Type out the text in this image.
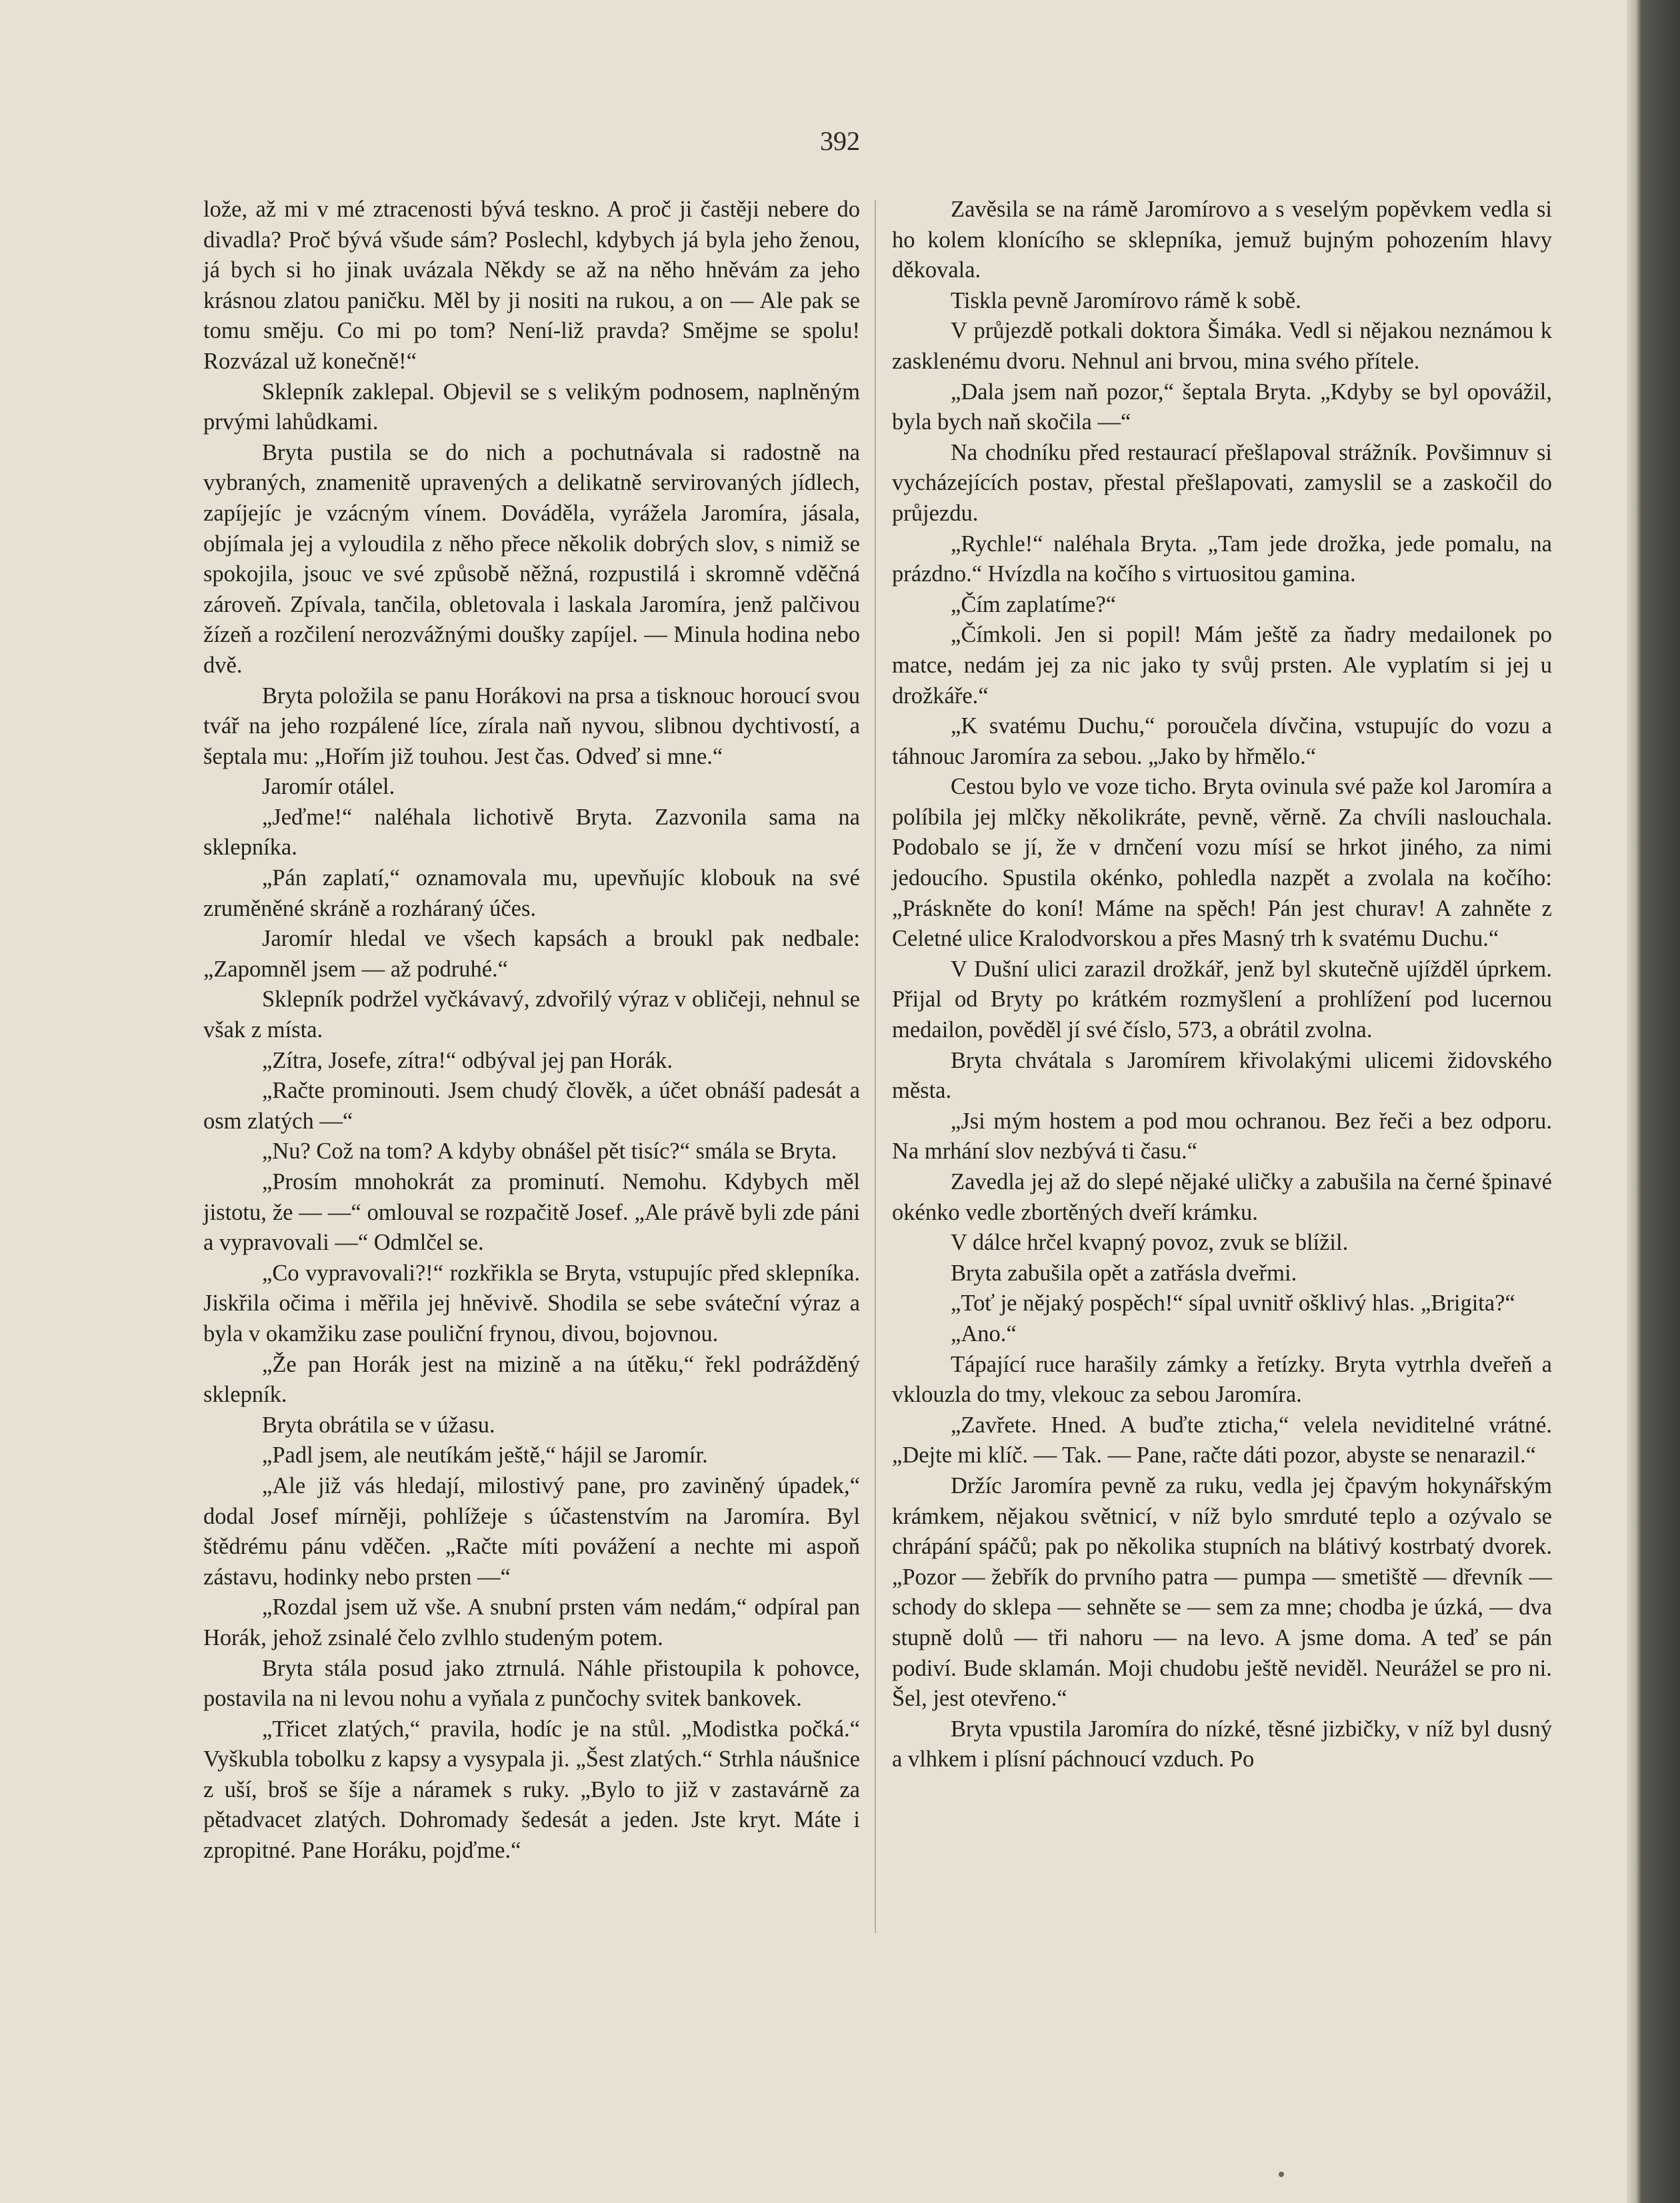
392

lože, až mi v mé ztracenosti bývá teskno. A proč ji častěji nebere do divadla? Proč bývá všude sám? Poslechl, kdybych já byla jeho ženou, já bych si ho jinak uvázala Někdy se až na něho hněvám za jeho krásnou zlatou paničku. Měl by ji nositi na rukou, a on — Ale pak se tomu směju. Co mi po tom? Není-liž pravda? Smějme se spolu! Rozvázal už konečně!“

Sklepník zaklepal. Objevil se s velikým podnosem, naplněným prvými lahůdkami.

Bryta pustila se do nich a pochutnávala si radostně na vybraných, znamenitě upravených a delikatně servirovaných jídlech, zapíjejíc je vzácným vínem. Dováděla, vyrážela Jaromíra, jásala, objímala jej a vyloudila z něho přece několik dobrých slov, s nimiž se spokojila, jsouc ve své způsobě něžná, rozpustilá i skromně vděčná zároveň. Zpívala, tančila, obletovala i laskala Jaromíra, jenž palčivou žízeň a rozčilení nerozvážnými doušky zapíjel. — Minula hodina nebo dvě.

Bryta položila se panu Horákovi na prsa a tisknouc horoucí svou tvář na jeho rozpálené líce, zírala naň nyvou, slibnou dychtivostí, a šeptala mu: „Hořím již touhou. Jest čas. Odveď si mne.“

Jaromír otálel.

„Jeďme!“ naléhala lichotivě Bryta. Zazvonila sama na sklepníka.

„Pán zaplatí,“ oznamovala mu, upevňujíc klobouk na své zruměněné skráně a rozháraný účes.

Jaromír hledal ve všech kapsách a broukl pak nedbale: „Zapomněl jsem — až podruhé.“

Sklepník podržel vyčkávavý, zdvořilý výraz v obličeji, nehnul se však z místa.

„Zítra, Josefe, zítra!“ odbýval jej pan Horák.

„Račte prominouti. Jsem chudý člověk, a účet obnáší padesát a osm zlatých —“

„Nu? Což na tom? A kdyby obnášel pět tisíc?“ smála se Bryta.

„Prosím mnohokrát za prominutí. Nemohu. Kdybych měl jistotu, že — —“ omlouval se rozpačitě Josef. „Ale právě byli zde páni a vypravovali —“ Odmlčel se.

„Co vypravovali?!“ rozkřikla se Bryta, vstupujíc před sklepníka. Jiskřila očima i měřila jej hněvivě. Shodila se sebe sváteční výraz a byla v okamžiku zase pouliční frynou, divou, bojovnou.

„Že pan Horák jest na mizině a na útěku,“ řekl podrážděný sklepník.

Bryta obrátila se v úžasu.

„Padl jsem, ale neutíkám ještě,“ hájil se Jaromír.

„Ale již vás hledají, milostivý pane, pro zaviněný úpadek,“ dodal Josef mírněji, pohlížeje s účastenstvím na Jaromíra. Byl štědrému pánu vděčen. „Račte míti povážení a nechte mi aspoň zástavu, hodinky nebo prsten —“

„Rozdal jsem už vše. A snubní prsten vám nedám,“ odpíral pan Horák, jehož zsinalé čelo zvlhlo studeným potem.

Bryta stála posud jako ztrnulá. Náhle přistoupila k pohovce, postavila na ni levou nohu a vyňala z punčochy svitek bankovek.

„Třicet zlatých,“ pravila, hodíc je na stůl. „Modistka počká.“ Vyškubla tobolku z kapsy a vysypala ji. „Šest zlatých.“ Strhla náušnice z uší, broš se šíje a náramek s ruky. „Bylo to již v zastavárně za pětadvacet zlatých. Dohromady šedesát a jeden. Jste kryt. Máte i zpropitné. Pane Horáku, pojďme.“

Zavěsila se na rámě Jaromírovo a s veselým popěvkem vedla si ho kolem klonícího se sklepníka, jemuž bujným pohozením hlavy děkovala.

Tiskla pevně Jaromírovo rámě k sobě.

V průjezdě potkali doktora Šimáka. Vedl si nějakou neznámou k zasklenému dvoru. Nehnul ani brvou, mina svého přítele.

„Dala jsem naň pozor,“ šeptala Bryta. „Kdyby se byl opovážil, byla bych naň skočila —“

Na chodníku před restaurací přešlapoval strážník. Povšimnuv si vycházejících postav, přestal přešlapovati, zamyslil se a zaskočil do průjezdu.

„Rychle!“ naléhala Bryta. „Tam jede drožka, jede pomalu, na prázdno.“ Hvízdla na kočího s virtuositou gamina.

„Čím zaplatíme?“

„Čímkoli. Jen si popil! Mám ještě za ňadry medailonek po matce, nedám jej za nic jako ty svůj prsten. Ale vyplatím si jej u drožkáře.“

„K svatému Duchu,“ poroučela dívčina, vstupujíc do vozu a táhnouc Jaromíra za sebou. „Jako by hřmělo.“

Cestou bylo ve voze ticho. Bryta ovinula své paže kol Jaromíra a políbila jej mlčky několikráte, pevně, věrně. Za chvíli naslouchala. Podobalo se jí, že v drnčení vozu mísí se hrkot jiného, za nimi jedoucího. Spustila okénko, pohledla nazpět a zvolala na kočího: „Práskněte do koní! Máme na spěch! Pán jest churav! A zahněte z Celetné ulice Kralodvorskou a přes Masný trh k svatému Duchu.“

V Dušní ulici zarazil drožkář, jenž byl skutečně ujížděl úprkem. Přijal od Bryty po krátkém rozmyšlení a prohlížení pod lucernou medailon, pověděl jí své číslo, 573, a obrátil zvolna.

Bryta chvátala s Jaromírem křivolakými ulicemi židovského města.

„Jsi mým hostem a pod mou ochranou. Bez řeči a bez odporu. Na mrhání slov nezbývá ti času.“

Zavedla jej až do slepé nějaké uličky a zabušila na černé špinavé okénko vedle zbortěných dveří krámku.

V dálce hrčel kvapný povoz, zvuk se blížil.

Bryta zabušila opět a zatřásla dveřmi.

„Toť je nějaký pospěch!“ sípal uvnitř ošklivý hlas. „Brigita?“

„Ano.“

Tápající ruce harašily zámky a řetízky. Bryta vytrhla dveřeň a vklouzla do tmy, vlekouc za sebou Jaromíra.

„Zavřete. Hned. A buďte zticha,“ velela neviditelné vrátné. „Dejte mi klíč. — Tak. — Pane, račte dáti pozor, abyste se nenarazil.“

Držíc Jaromíra pevně za ruku, vedla jej čpavým hokynářským krámkem, nějakou světnicí, v níž bylo smrduté teplo a ozývalo se chrápání spáčů; pak po několika stupních na blátivý kostrbatý dvorek. „Pozor — žebřík do prvního patra — pumpa — smetiště — dřevník — schody do sklepa — sehněte se — sem za mne; chodba je úzká, — dva stupně dolů — tři nahoru — na levo. A jsme doma. A teď se pán podiví. Bude sklamán. Moji chudobu ještě neviděl. Neurážel se pro ni. Šel, jest otevřeno.“

Bryta vpustila Jaromíra do nízké, těsné jizbičky, v níž byl dusný a vlhkem i plísní páchnoucí vzduch. Po
